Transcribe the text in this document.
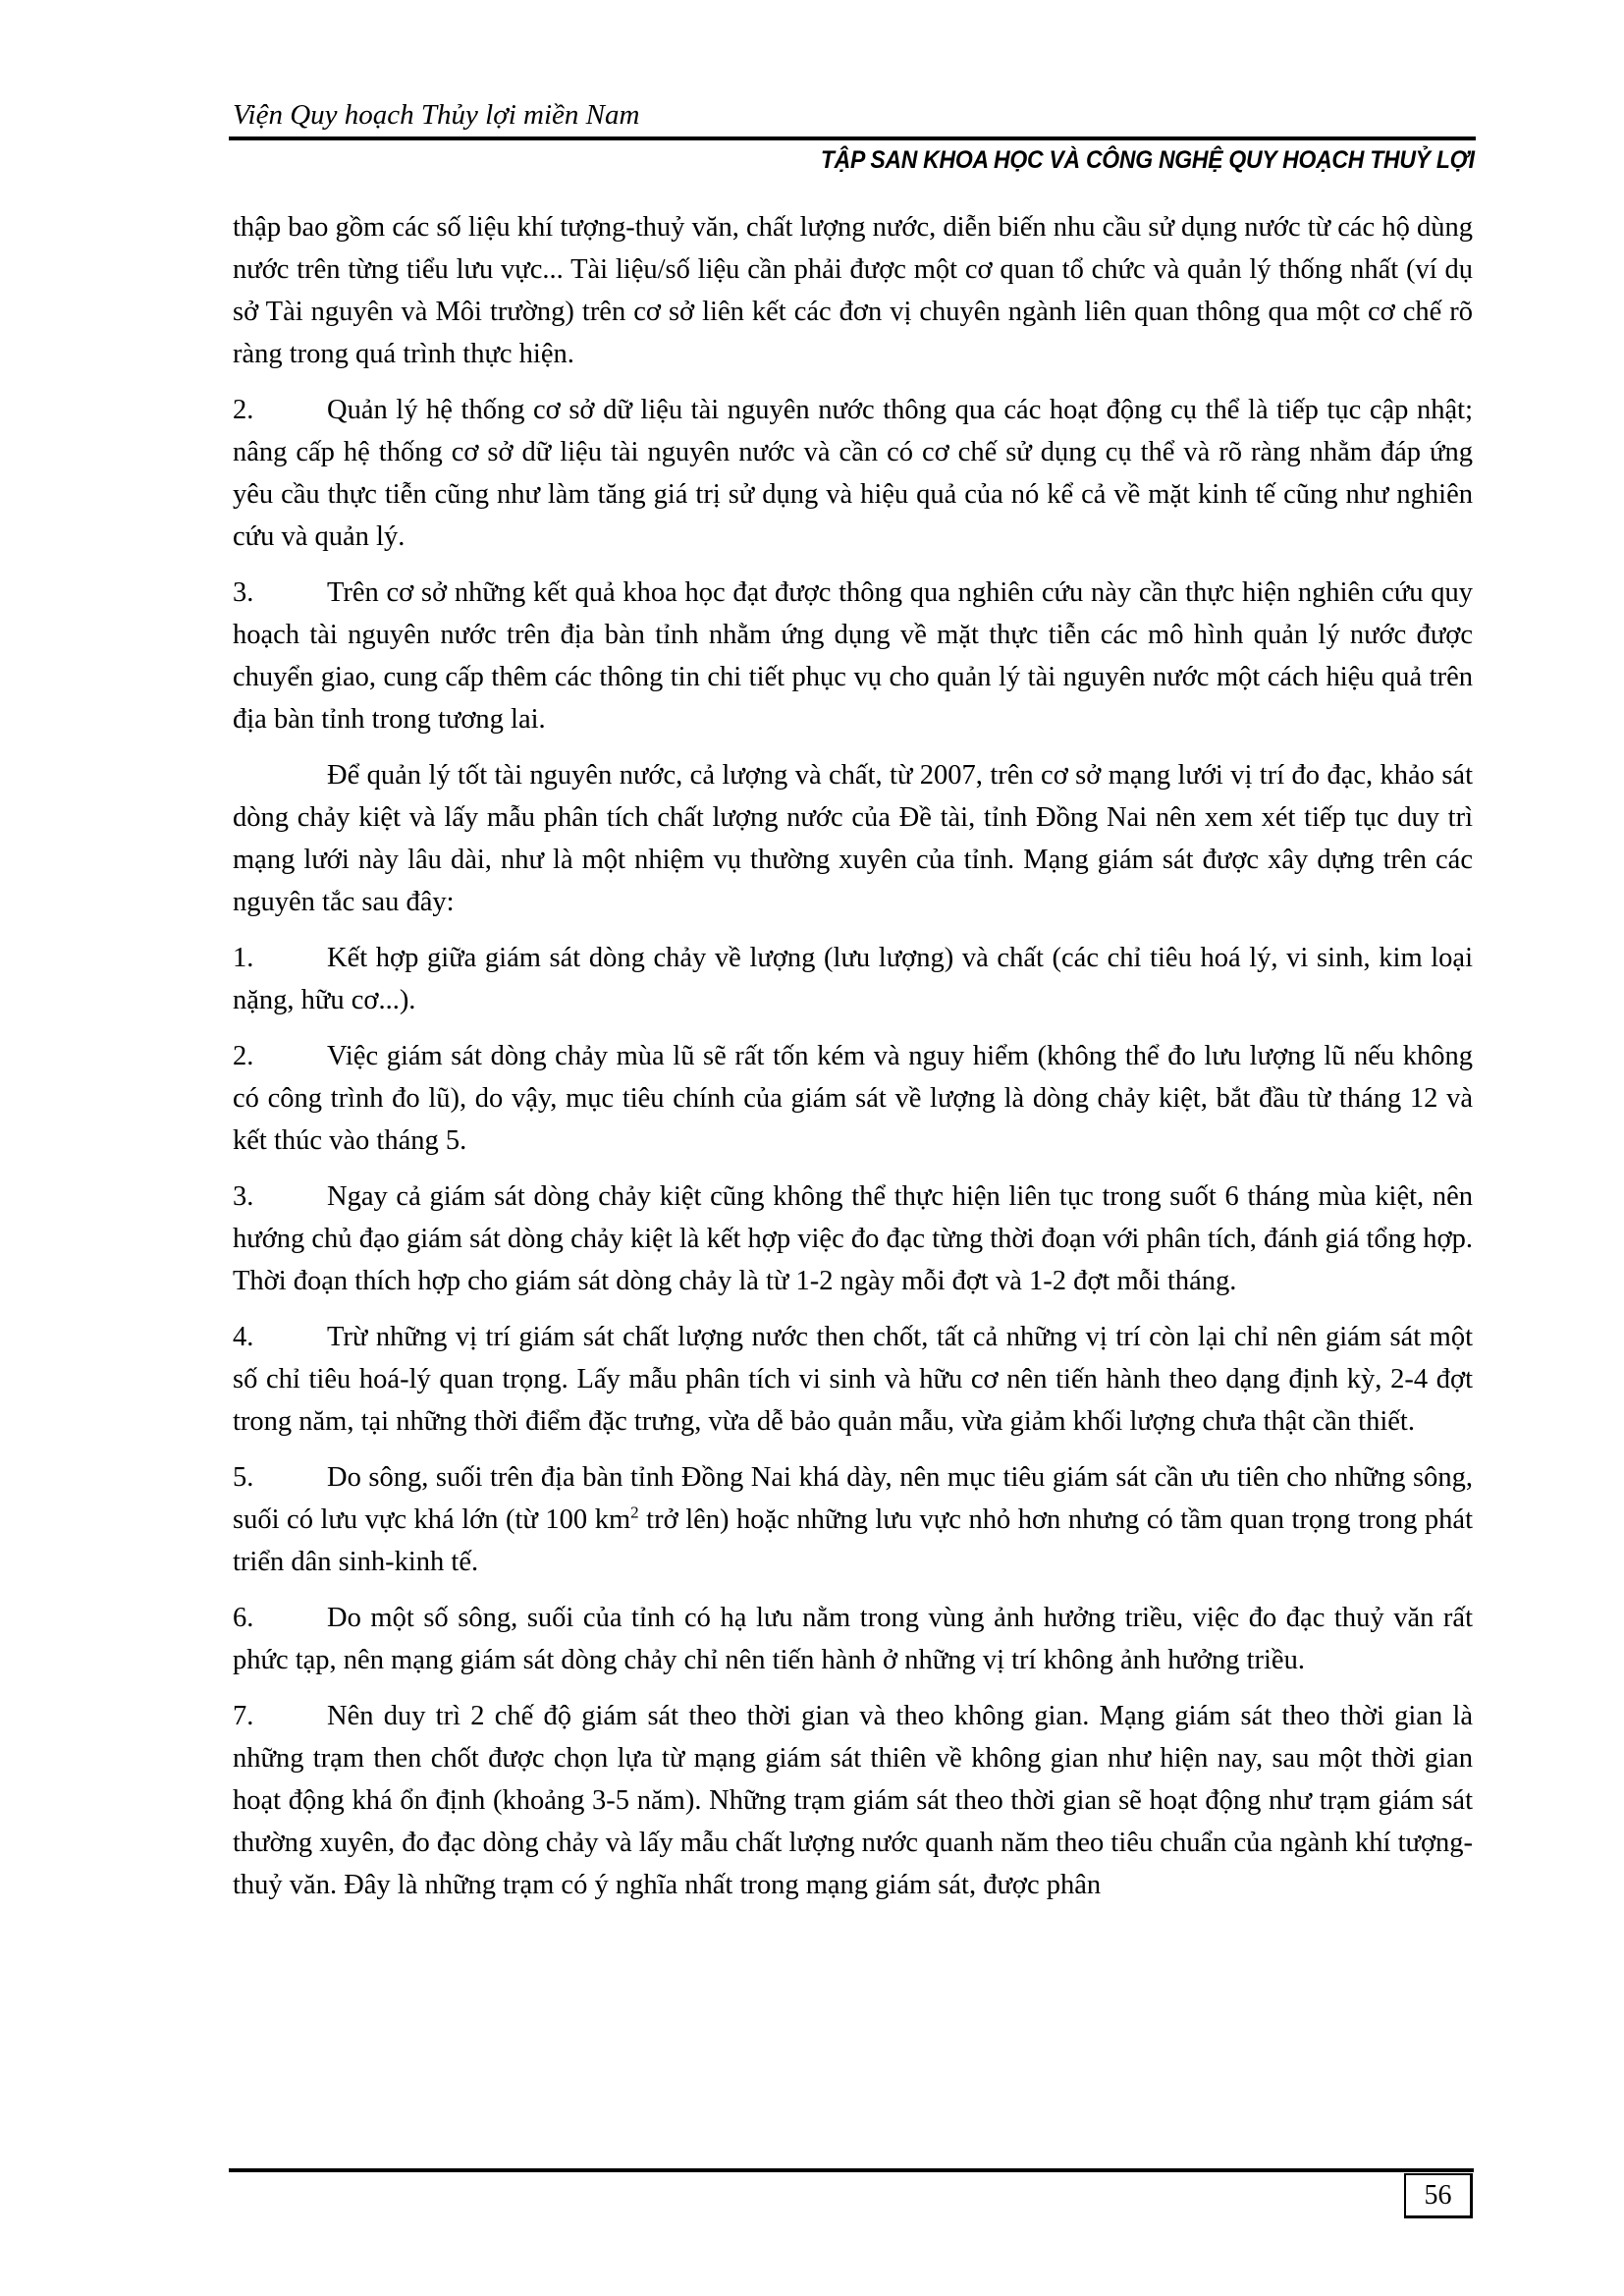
Viện Quy hoạch Thủy lợi miền Nam
TẬP SAN KHOA HỌC VÀ CÔNG NGHỆ QUY HOẠCH THUỶ LỢI

thập bao gồm các số liệu khí tượng-thuỷ văn, chất lượng nước, diễn biến nhu cầu sử dụng nước từ các hộ dùng nước trên từng tiểu lưu vực... Tài liệu/số liệu cần phải được một cơ quan tổ chức và quản lý thống nhất (ví dụ sở Tài nguyên và Môi trường) trên cơ sở liên kết các đơn vị chuyên ngành liên quan thông qua một cơ chế rõ ràng trong quá trình thực hiện.

2.	Quản lý hệ thống cơ sở dữ liệu tài nguyên nước thông qua các hoạt động cụ thể là tiếp tục cập nhật; nâng cấp hệ thống cơ sở dữ liệu tài nguyên nước và cần có cơ chế sử dụng cụ thể và rõ ràng nhằm đáp ứng yêu cầu thực tiễn cũng như làm tăng giá trị sử dụng và hiệu quả của nó kể cả về mặt kinh tế cũng như nghiên cứu và quản lý.

3.	Trên cơ sở những kết quả khoa học đạt được thông qua nghiên cứu này cần thực hiện nghiên cứu quy hoạch tài nguyên nước trên địa bàn tỉnh nhằm ứng dụng về mặt thực tiễn các mô hình quản lý nước được chuyển giao, cung cấp thêm các thông tin chi tiết phục vụ cho quản lý tài nguyên nước một cách hiệu quả trên địa bàn tỉnh trong tương lai.

Để quản lý tốt tài nguyên nước, cả lượng và chất, từ 2007, trên cơ sở mạng lưới vị trí đo đạc, khảo sát dòng chảy kiệt và lấy mẫu phân tích chất lượng nước của Đề tài, tỉnh Đồng Nai nên xem xét tiếp tục duy trì mạng lưới này lâu dài, như là một nhiệm vụ thường xuyên của tỉnh. Mạng giám sát được xây dựng trên các nguyên tắc sau đây:

1.	Kết hợp giữa giám sát dòng chảy về lượng (lưu lượng) và chất (các chỉ tiêu hoá lý, vi sinh, kim loại nặng, hữu cơ...).

2.	Việc giám sát dòng chảy mùa lũ sẽ rất tốn kém và nguy hiểm (không thể đo lưu lượng lũ nếu không có công trình đo lũ), do vậy, mục tiêu chính của giám sát về lượng là dòng chảy kiệt, bắt đầu từ tháng 12 và kết thúc vào tháng 5.

3.	Ngay cả giám sát dòng chảy kiệt cũng không thể thực hiện liên tục trong suốt 6 tháng mùa kiệt, nên hướng chủ đạo giám sát dòng chảy kiệt là kết hợp việc đo đạc từng thời đoạn với phân tích, đánh giá tổng hợp. Thời đoạn thích hợp cho giám sát dòng chảy là từ 1-2 ngày mỗi đợt và 1-2 đợt mỗi tháng.

4.	Trừ những vị trí giám sát chất lượng nước then chốt, tất cả những vị trí còn lại chỉ nên giám sát một số chỉ tiêu hoá-lý quan trọng. Lấy mẫu phân tích vi sinh và hữu cơ nên tiến hành theo dạng định kỳ, 2-4 đợt trong năm, tại những thời điểm đặc trưng, vừa dễ bảo quản mẫu, vừa giảm khối lượng chưa thật cần thiết.

5.	Do sông, suối trên địa bàn tỉnh Đồng Nai khá dày, nên mục tiêu giám sát cần ưu tiên cho những sông, suối có lưu vực khá lớn (từ 100 $km^2$ trở lên) hoặc những lưu vực nhỏ hơn nhưng có tầm quan trọng trong phát triển dân sinh-kinh tế.

6.	Do một số sông, suối của tỉnh có hạ lưu nằm trong vùng ảnh hưởng triều, việc đo đạc thuỷ văn rất phức tạp, nên mạng giám sát dòng chảy chỉ nên tiến hành ở những vị trí không ảnh hưởng triều.

7.	Nên duy trì 2 chế độ giám sát theo thời gian và theo không gian. Mạng giám sát theo thời gian là những trạm then chốt được chọn lựa từ mạng giám sát thiên về không gian như hiện nay, sau một thời gian hoạt động khá ổn định (khoảng 3-5 năm). Những trạm giám sát theo thời gian sẽ hoạt động như trạm giám sát thường xuyên, đo đạc dòng chảy và lấy mẫu chất lượng nước quanh năm theo tiêu chuẩn của ngành khí tượng-thuỷ văn. Đây là những trạm có ý nghĩa nhất trong mạng giám sát, được phân

56
